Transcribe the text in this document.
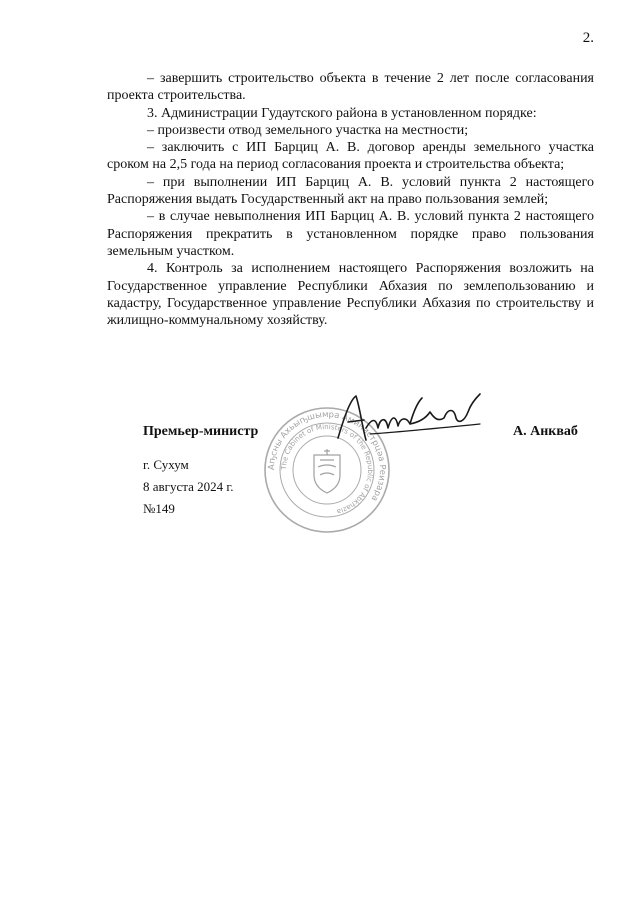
2.

– завершить строительство объекта в течение 2 лет после согласования проекта строительства.

3. Администрации Гудаутского района в установленном порядке:

– произвести отвод земельного участка на местности;

– заключить с ИП Барциц А. В. договор аренды земельного участка сроком на 2,5 года на период согласования проекта и строительства объекта;

– при выполнении ИП Барциц А. В. условий пункта 2 настоящего Распоряжения выдать Государственный акт на право пользования землей;

– в случае невыполнения ИП Барциц А. В. условий пункта 2 настоящего Распоряжения прекратить в установленном порядке право пользования земельным участком.

4. Контроль за исполнением настоящего Распоряжения возложить на Государственное управление Республики Абхазия по землепользованию и кадастру, Государственное управление Республики Абхазия по строительству и жилищно-коммунальному хозяйству.

Аҧсны Ахьыҧшымра Аминистрцәа Реизара
The Cabinet of Ministers of the Republic of Abkhazia
Премьер-министр	А. Анкваб
г. Сухум
8 августа 2024 г.
№149
